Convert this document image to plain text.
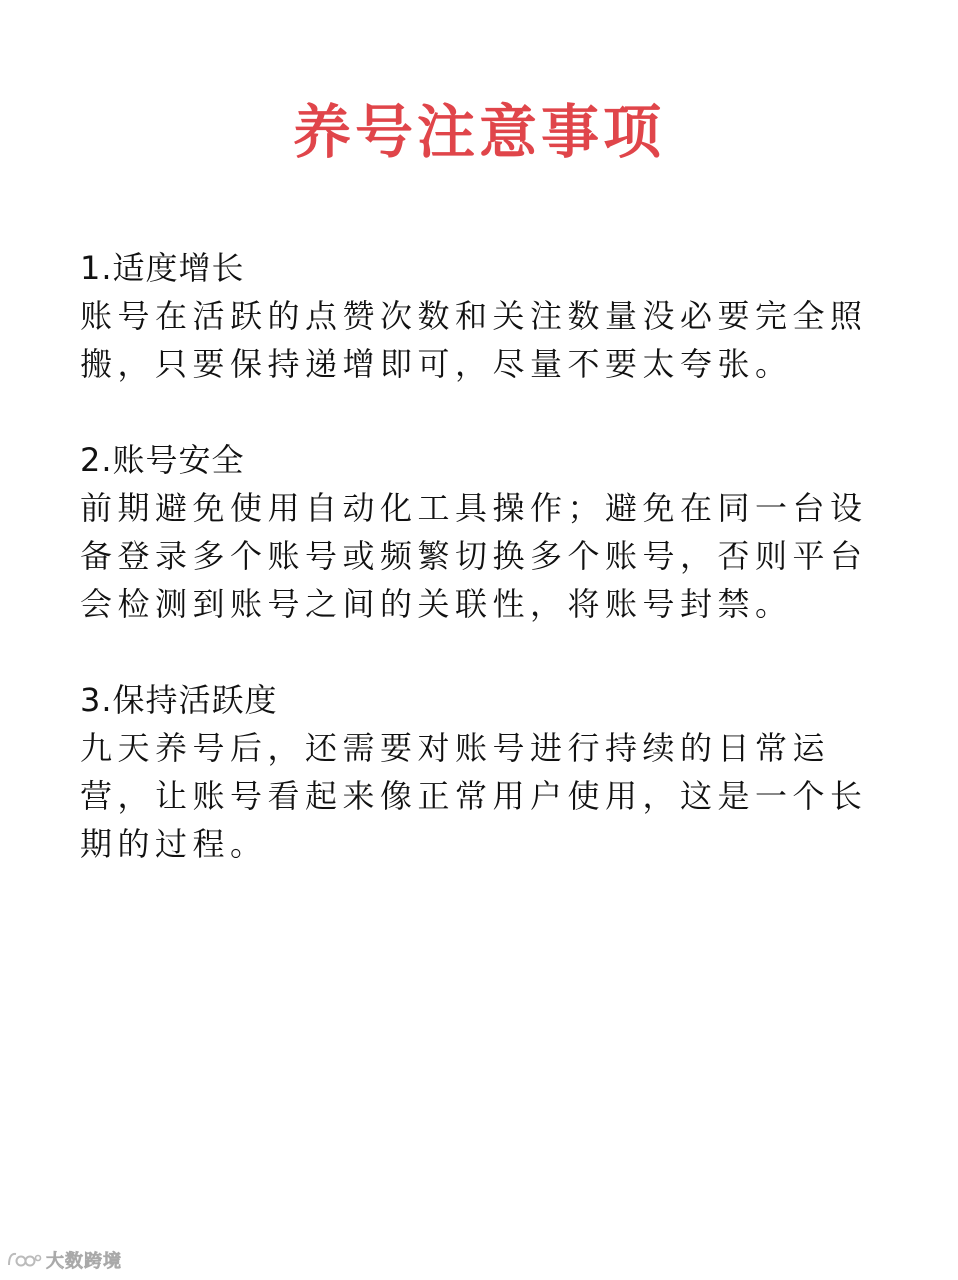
养号注意事项
1.适度增长
账号在活跃的点赞次数和关注数量没必要完全照搬，只要保持递增即可，尽量不要太夸张。
2.账号安全
前期避免使用自动化工具操作；避免在同一台设备登录多个账号或频繁切换多个账号，否则平台会检测到账号之间的关联性，将账号封禁。
3.保持活跃度
九天养号后，还需要对账号进行持续的日常运营，让账号看起来像正常用户使用，这是一个长期的过程。
大数跨境
